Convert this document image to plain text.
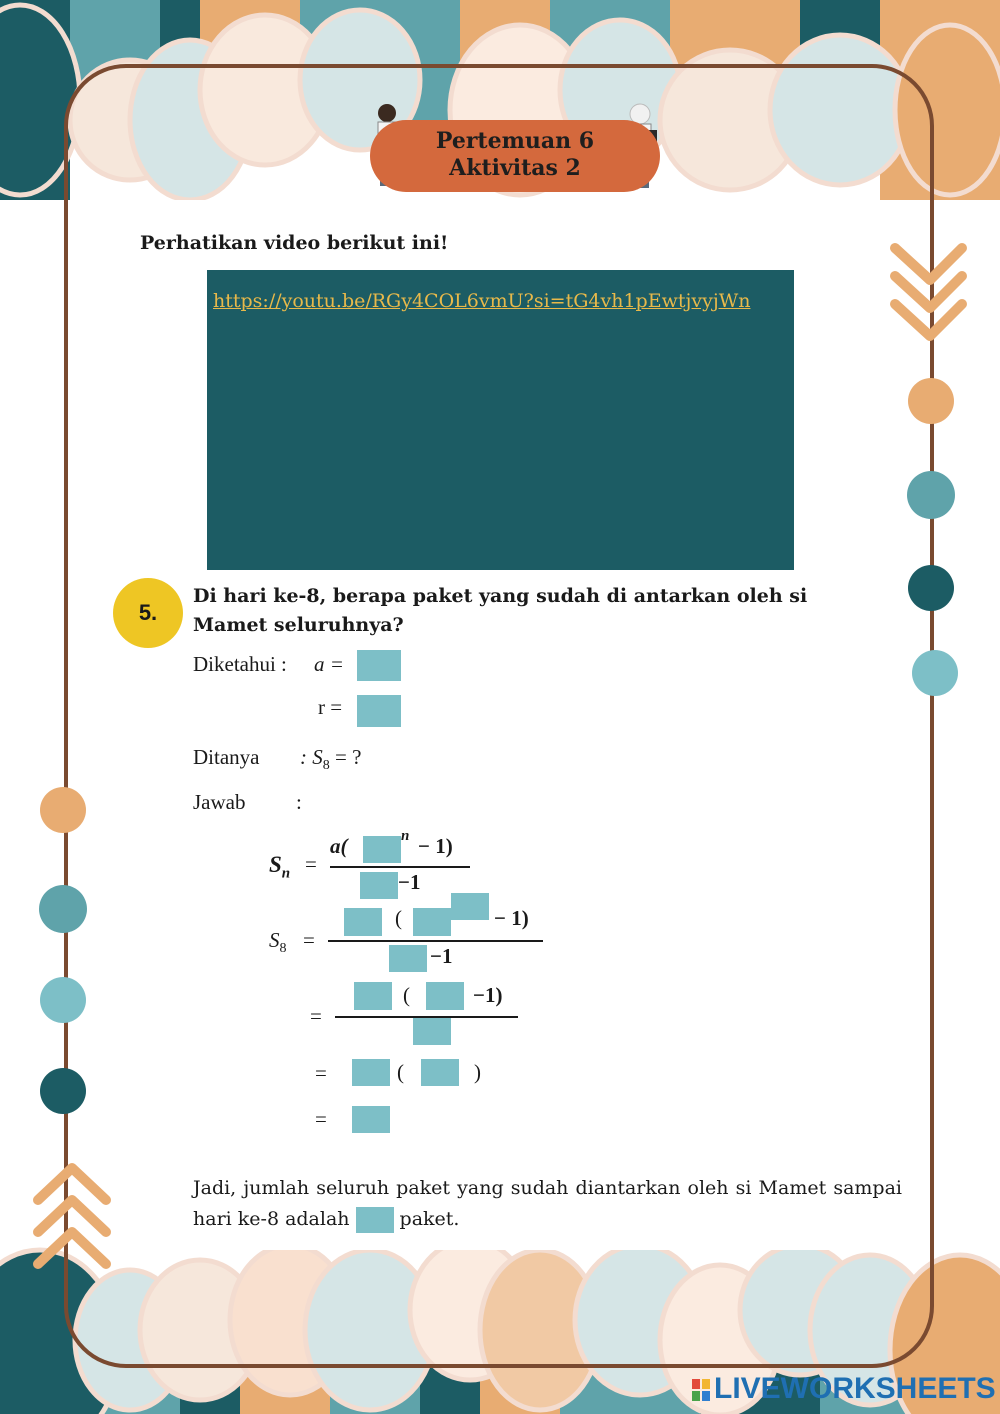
Pertemuan 6
Aktivitas 2
Perhatikan video berikut ini!
https://youtu.be/RGy4COL6vmU?si=tG4vh1pEwtjvyjWn
5.
Di hari ke-8, berapa paket yang sudah di antarkan oleh si Mamet seluruhnya?
Diketahui : a =
r =
Ditanya : $S_8$ = ?
Jawab :
$S_n$ =
a(	n − 1)
−1
$S_8$ =
(	− 1)
−1
=
(	−1)
=	(	)
=
Jadi, jumlah seluruh paket yang sudah diantarkan oleh si Mamet sampai hari ke-8 adalah	paket.
LIVEWORKSHEETS
